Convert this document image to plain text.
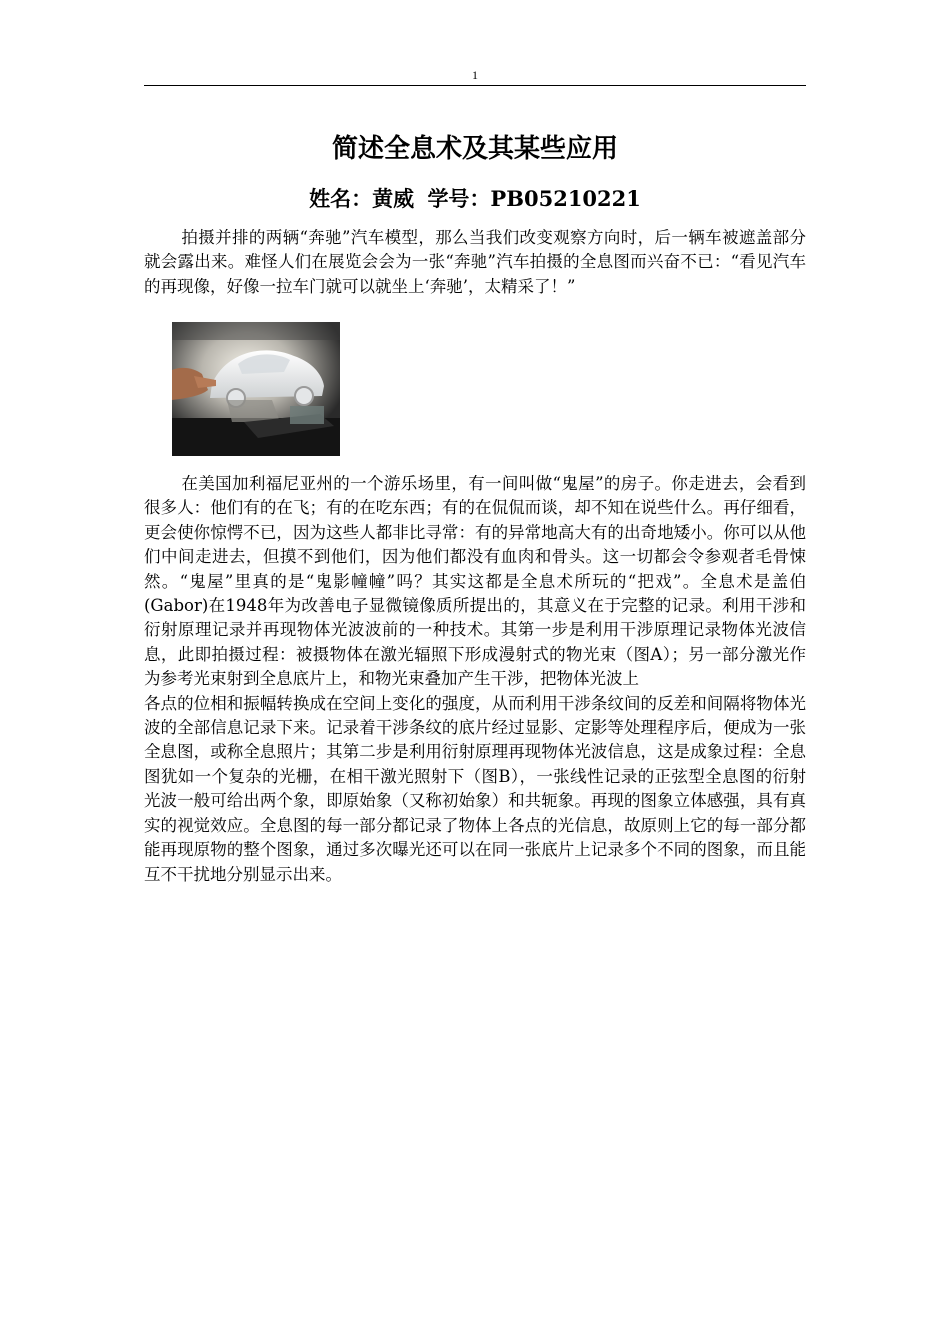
1
简述全息术及其某些应用
姓名：黄威 学号：PB05210221
拍摄并排的两辆“奔驰”汽车模型，那么当我们改变观察方向时，后一辆车被遮盖部分就会露出来。难怪人们在展览会会为一张“奔驰”汽车拍摄的全息图而兴奋不已：“看见汽车的再现像，好像一拉车门就可以就坐上‘奔驰’，太精采了！”
在美国加利福尼亚州的一个游乐场里，有一间叫做“鬼屋”的房子。你走进去，会看到很多人：他们有的在飞；有的在吃东西；有的在侃侃而谈，却不知在说些什么。再仔细看，更会使你惊愕不已，因为这些人都非比寻常：有的异常地高大有的出奇地矮小。你可以从他们中间走进去，但摸不到他们，因为他们都没有血肉和骨头。这一切都会令参观者毛骨悚然。“鬼屋”里真的是“鬼影幢幢”吗？其实这都是全息术所玩的“把戏”。全息术是盖伯(Gabor)在1948年为改善电子显微镜像质所提出的，其意义在于完整的记录。利用干涉和衍射原理记录并再现物体光波波前的一种技术。其第一步是利用干涉原理记录物体光波信息，此即拍摄过程：被摄物体在激光辐照下形成漫射式的物光束（图A）；另一部分激光作为参考光束射到全息底片上，和物光束叠加产生干涉，把物体光波上
各点的位相和振幅转换成在空间上变化的强度，从而利用干涉条纹间的反差和间隔将物体光波的全部信息记录下来。记录着干涉条纹的底片经过显影、定影等处理程序后，便成为一张全息图，或称全息照片；其第二步是利用衍射原理再现物体光波信息，这是成象过程：全息图犹如一个复杂的光栅，在相干激光照射下（图B），一张线性记录的正弦型全息图的衍射光波一般可给出两个象，即原始象（又称初始象）和共轭象。再现的图象立体感强，具有真实的视觉效应。全息图的每一部分都记录了物体上各点的光信息，故原则上它的每一部分都能再现原物的整个图象，通过多次曝光还可以在同一张底片上记录多个不同的图象，而且能互不干扰地分别显示出来。
